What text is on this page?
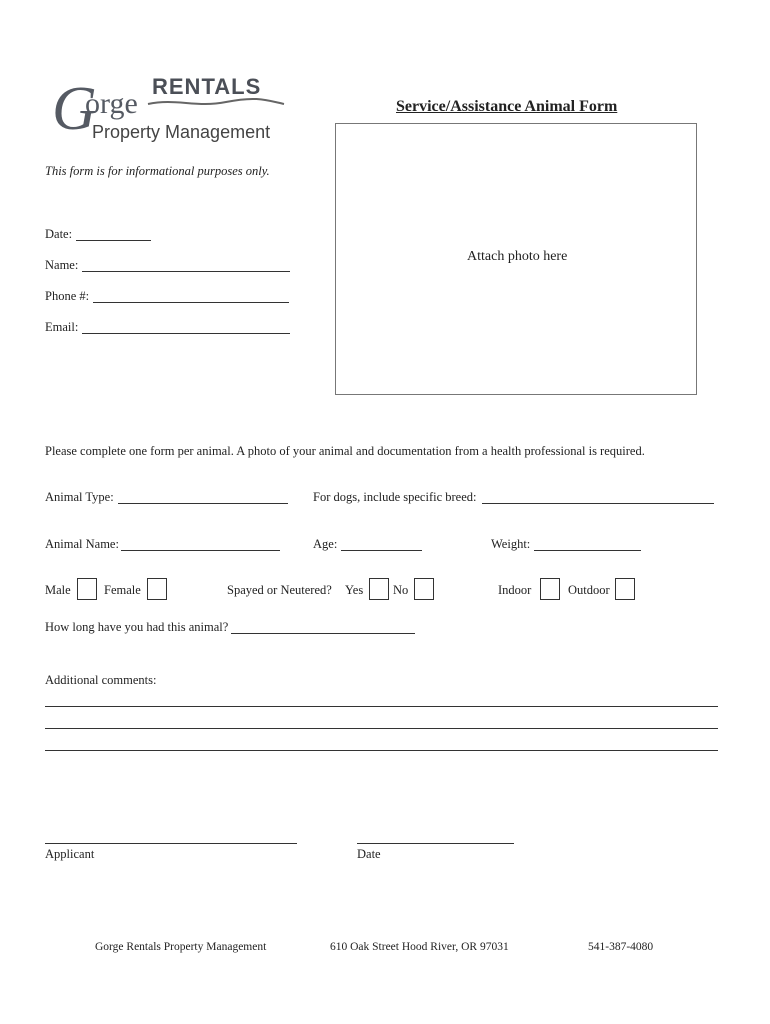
G
orge
RENTALS
Property Management
Service/Assistance Animal Form
Attach photo here
This form is for informational purposes only.
Date:
Name:
Phone #:
Email:
Please complete one form per animal. A photo of your animal and documentation from a health professional is required.
Animal Type:	For dogs, include specific breed:
Animal Name:	Age:	Weight:
Male	Female	Spayed or Neutered? Yes No	Indoor	Outdoor
How long have you had this animal?
Additional comments:
Applicant	Date
Gorge Rentals Property Management	610 Oak Street Hood River, OR 97031	541-387-4080
